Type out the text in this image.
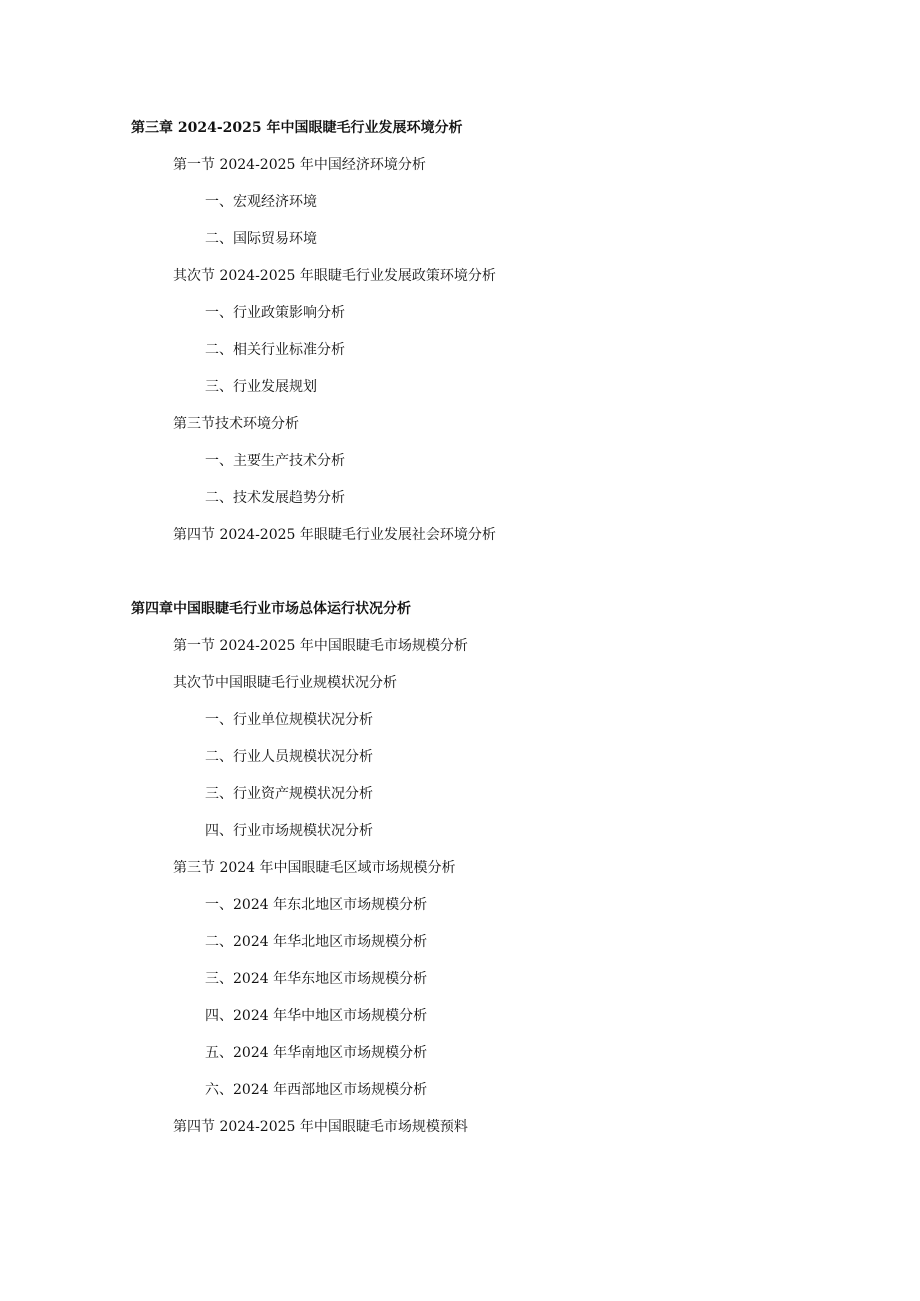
第三章 2024-2025 年中国眼睫毛行业发展环境分析
第一节 2024-2025 年中国经济环境分析
一、宏观经济环境
二、国际贸易环境
其次节 2024-2025 年眼睫毛行业发展政策环境分析
一、行业政策影响分析
二、相关行业标准分析
三、行业发展规划
第三节技术环境分析
一、主要生产技术分析
二、技术发展趋势分析
第四节 2024-2025 年眼睫毛行业发展社会环境分析
第四章中国眼睫毛行业市场总体运行状况分析
第一节 2024-2025 年中国眼睫毛市场规模分析
其次节中国眼睫毛行业规模状况分析
一、行业单位规模状况分析
二、行业人员规模状况分析
三、行业资产规模状况分析
四、行业市场规模状况分析
第三节 2024 年中国眼睫毛区域市场规模分析
一、2024 年东北地区市场规模分析
二、2024 年华北地区市场规模分析
三、2024 年华东地区市场规模分析
四、2024 年华中地区市场规模分析
五、2024 年华南地区市场规模分析
六、2024 年西部地区市场规模分析
第四节 2024-2025 年中国眼睫毛市场规模预料
